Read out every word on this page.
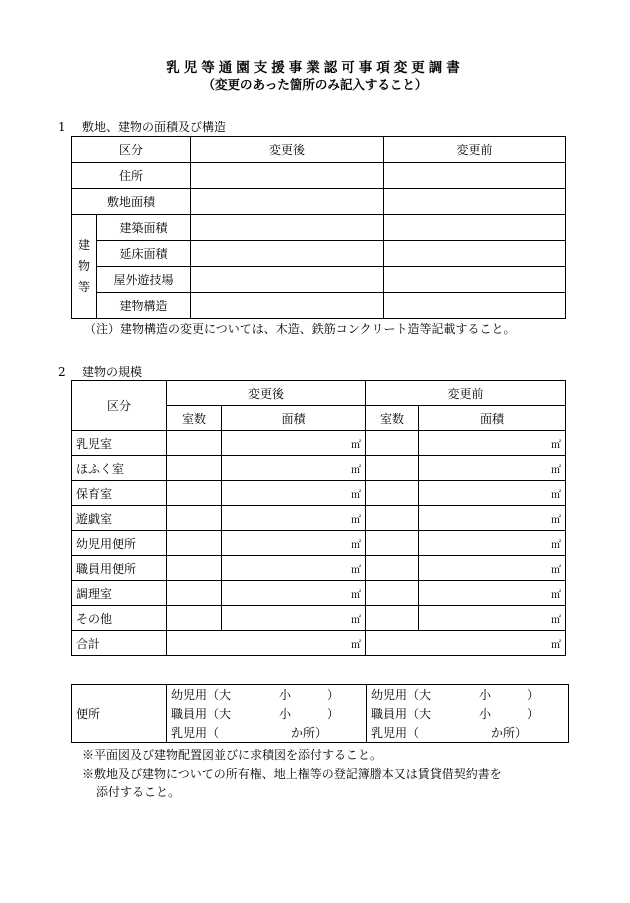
乳児等通園支援事業認可事項変更調書
（変更のあった箇所のみ記入すること）
1 敷地、建物の面積及び構造
区分		変更後	変更前
住所			
敷地面積			

建
物
等	建築面積		
	延床面積		
	屋外遊技場		
	建物構造		
（注）建物構造の変更については、木造、鉄筋コンクリート造等記載すること。
2 建物の規模
区分	変更後		変更前	
	室数	面積	室数	面積
乳児室		㎡		㎡
ほふく室		㎡		㎡
保育室		㎡		㎡
遊戯室		㎡		㎡
幼児用便所		㎡		㎡
職員用便所		㎡		㎡
調理室		㎡		㎡
その他		㎡		㎡
合計	㎡		㎡	
便所	幼児用（大　　　　小　　　）	幼児用（大　　　　小　　　）
	職員用（大　　　　小　　　）	職員用（大　　　　小　　　）
	乳児用（　　　　　　か所）	乳児用（　　　　　　か所）
※平面図及び建物配置図並びに求積図を添付すること。
※敷地及び建物についての所有権、地上権等の登記簿謄本又は賃貸借契約書を
添付すること。
